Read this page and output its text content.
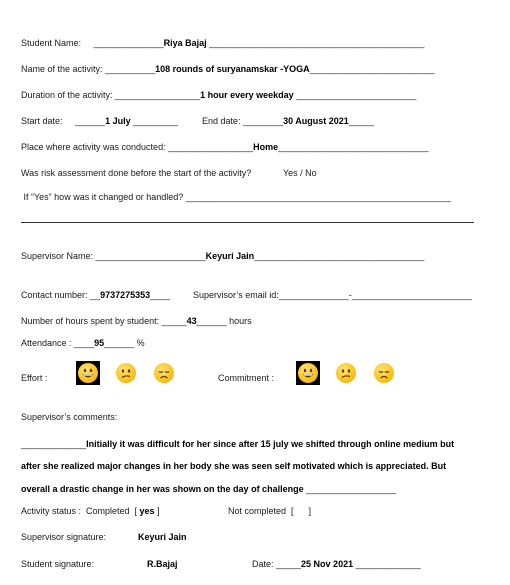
Student Name: ______________Riya Bajaj ___________________________________________
Name of the activity: __________108 rounds of suryanamskar -YOGA_________________________
Duration of the activity: _________________1 hour every weekday ________________________
Start date:     ______1 July _________	End date: ________30 August 2021_____
Place where activity was conducted: _________________Home______________________________
Was risk assessment done before the start of the activity?	Yes / No
If “Yes” how was it changed or handled? _____________________________________________________
Supervisor Name: ______________________Keyuri Jain__________________________________
Contact number: __9737275353____	Supervisor’s email id:______________-________________________
Number of hours spent by student: _____43______ hours
Attendance : ____95______ %
Effort :	Commitment :
Supervisor’s comments:
_____________Initially it was difficult for her since after 15 july we shifted through online medium but
after she realized major changes in her body she was seen self motivated which is appreciated. But
overall a drastic change in her was shown on the day of challenge __________________
Activity status :  Completed  [ yes ]	Not completed  [      ]
Supervisor signature:	Keyuri Jain
Student signature:	R.Bajaj	Date: _____25 Nov 2021 _____________
